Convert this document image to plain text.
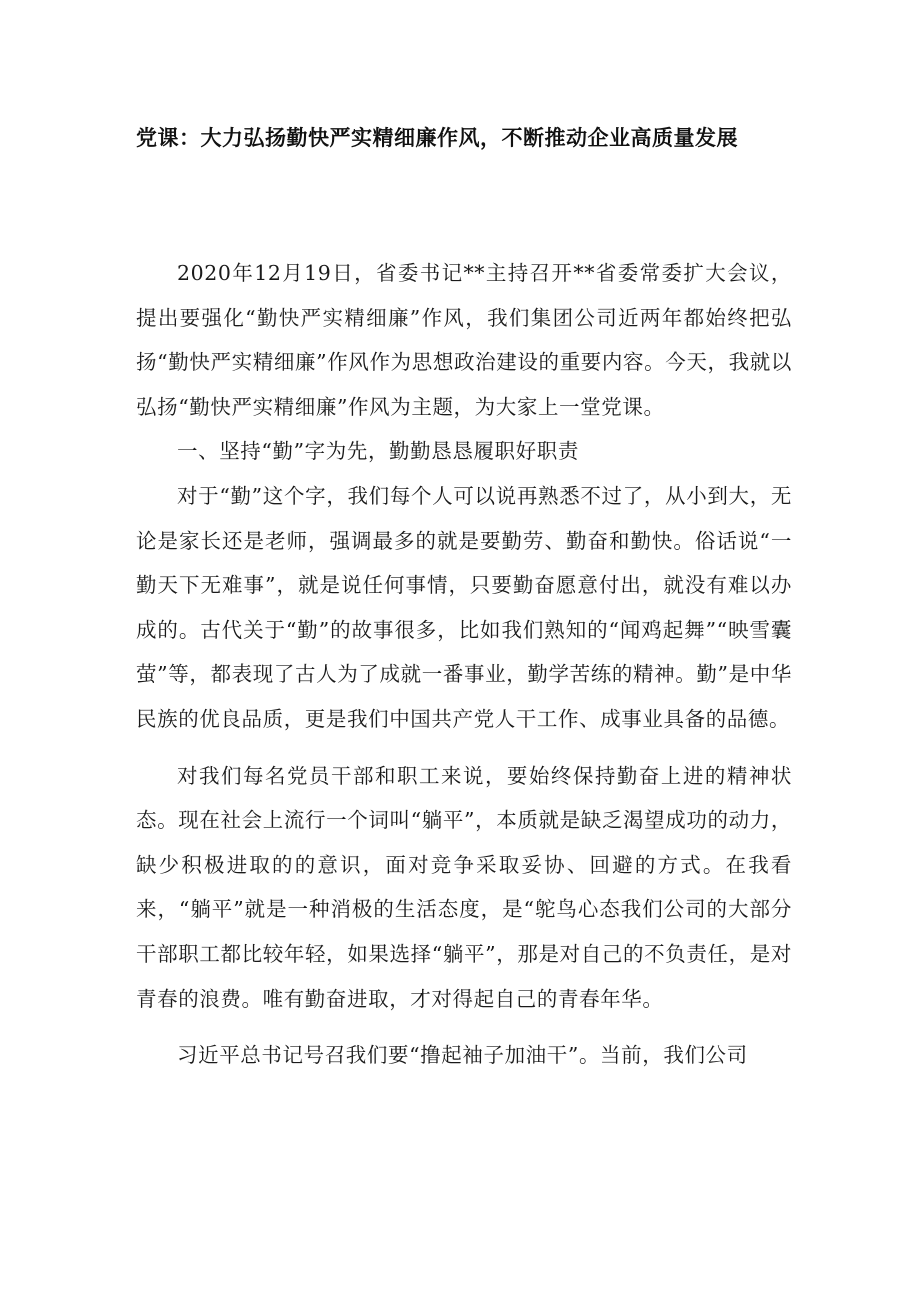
党课：大力弘扬勤快严实精细廉作风，不断推动企业高质量发展

2020年12月19日，省委书记**主持召开**省委常委扩大会议，提出要强化“勤快严实精细廉”作风，我们集团公司近两年都始终把弘扬“勤快严实精细廉”作风作为思想政治建设的重要内容。今天，我就以弘扬“勤快严实精细廉”作风为主题，为大家上一堂党课。

一、坚持“勤”字为先，勤勤恳恳履职好职责

对于“勤”这个字，我们每个人可以说再熟悉不过了，从小到大，无论是家长还是老师，强调最多的就是要勤劳、勤奋和勤快。俗话说“一勤天下无难事”，就是说任何事情，只要勤奋愿意付出，就没有难以办成的。古代关于“勤”的故事很多，比如我们熟知的“闻鸡起舞”“映雪囊萤”等，都表现了古人为了成就一番事业，勤学苦练的精神。勤”是中华民族的优良品质，更是我们中国共产党人干工作、成事业具备的品德。

对我们每名党员干部和职工来说，要始终保持勤奋上进的精神状态。现在社会上流行一个词叫“躺平”，本质就是缺乏渴望成功的动力，缺少积极进取的的意识，面对竞争采取妥协、回避的方式。在我看来，“躺平”就是一种消极的生活态度，是“鸵鸟心态我们公司的大部分干部职工都比较年轻，如果选择“躺平”，那是对自己的不负责任，是对青春的浪费。唯有勤奋进取，才对得起自己的青春年华。

习近平总书记号召我们要“撸起袖子加油干”。当前，我们公司
